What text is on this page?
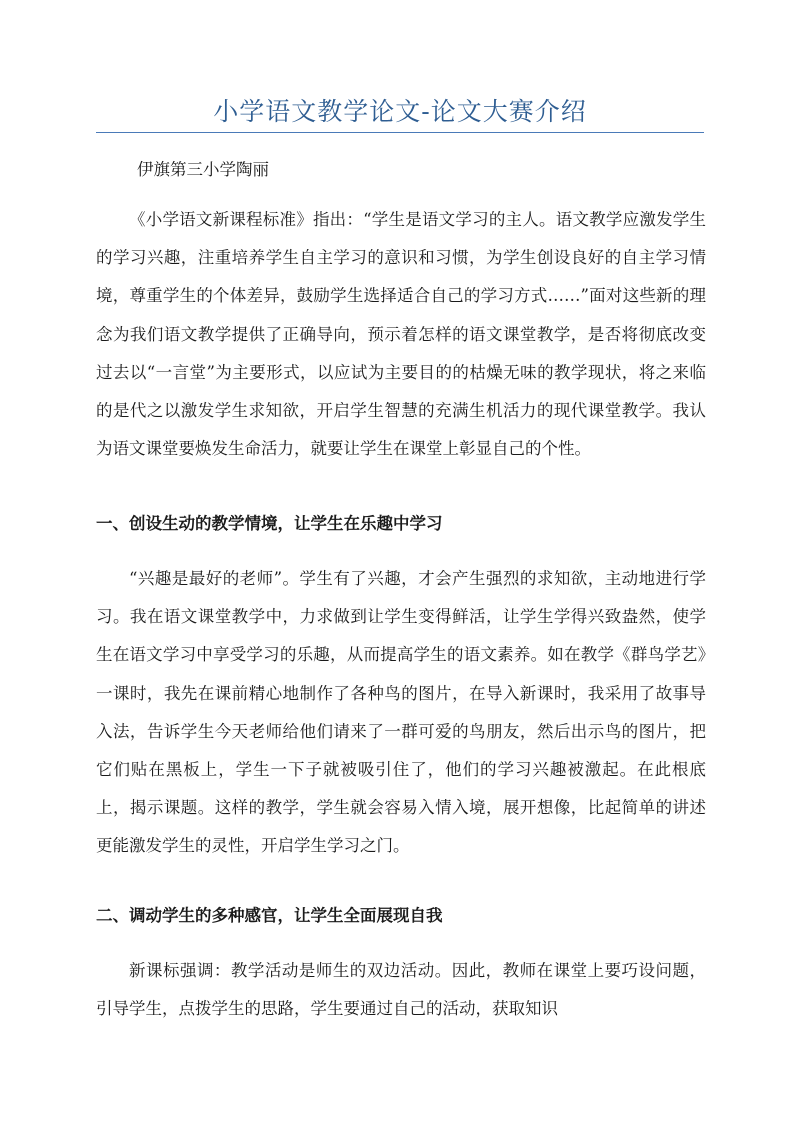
小学语文教学论文-论文大赛介绍

伊旗第三小学陶丽

《小学语文新课程标准》指出：“学生是语文学习的主人。语文教学应激发学生的学习兴趣，注重培养学生自主学习的意识和习惯，为学生创设良好的自主学习情境，尊重学生的个体差异，鼓励学生选择适合自己的学习方式……”面对这些新的理念为我们语文教学提供了正确导向，预示着怎样的语文课堂教学，是否将彻底改变过去以“一言堂”为主要形式，以应试为主要目的的枯燥无味的教学现状，将之来临的是代之以激发学生求知欲，开启学生智慧的充满生机活力的现代课堂教学。我认为语文课堂要焕发生命活力，就要让学生在课堂上彰显自己的个性。

一、创设生动的教学情境，让学生在乐趣中学习

“兴趣是最好的老师”。学生有了兴趣，才会产生强烈的求知欲，主动地进行学习。我在语文课堂教学中，力求做到让学生变得鲜活，让学生学得兴致盎然，使学生在语文学习中享受学习的乐趣，从而提高学生的语文素养。如在教学《群鸟学艺》一课时，我先在课前精心地制作了各种鸟的图片，在导入新课时，我采用了故事导入法，告诉学生今天老师给他们请来了一群可爱的鸟朋友，然后出示鸟的图片，把它们贴在黑板上，学生一下子就被吸引住了，他们的学习兴趣被激起。在此根底上，揭示课题。这样的教学，学生就会容易入情入境，展开想像，比起简单的讲述更能激发学生的灵性，开启学生学习之门。

二、调动学生的多种感官，让学生全面展现自我

新课标强调：教学活动是师生的双边活动。因此，教师在课堂上要巧设问题，引导学生，点拨学生的思路，学生要通过自己的活动，获取知识
